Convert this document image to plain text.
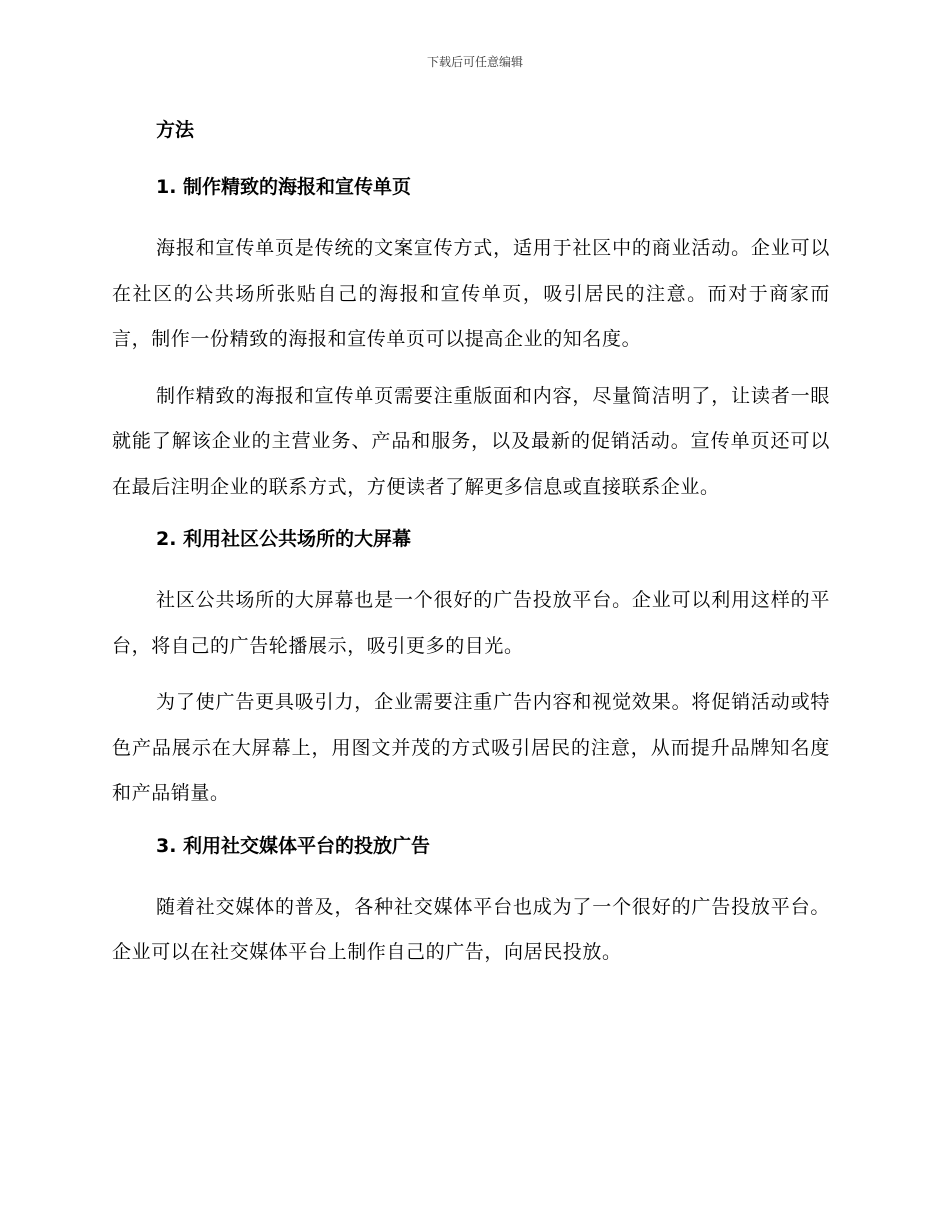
下载后可任意编辑
方法
1. 制作精致的海报和宣传单页

海报和宣传单页是传统的文案宣传方式，适用于社区中的商业活动。企业可以在社区的公共场所张贴自己的海报和宣传单页，吸引居民的注意。而对于商家而言，制作一份精致的海报和宣传单页可以提高企业的知名度。

制作精致的海报和宣传单页需要注重版面和内容，尽量简洁明了，让读者一眼就能了解该企业的主营业务、产品和服务，以及最新的促销活动。宣传单页还可以在最后注明企业的联系方式，方便读者了解更多信息或直接联系企业。

2. 利用社区公共场所的大屏幕

社区公共场所的大屏幕也是一个很好的广告投放平台。企业可以利用这样的平台，将自己的广告轮播展示，吸引更多的目光。

为了使广告更具吸引力，企业需要注重广告内容和视觉效果。将促销活动或特色产品展示在大屏幕上，用图文并茂的方式吸引居民的注意，从而提升品牌知名度和产品销量。

3. 利用社交媒体平台的投放广告

随着社交媒体的普及，各种社交媒体平台也成为了一个很好的广告投放平台。企业可以在社交媒体平台上制作自己的广告，向居民投放。
